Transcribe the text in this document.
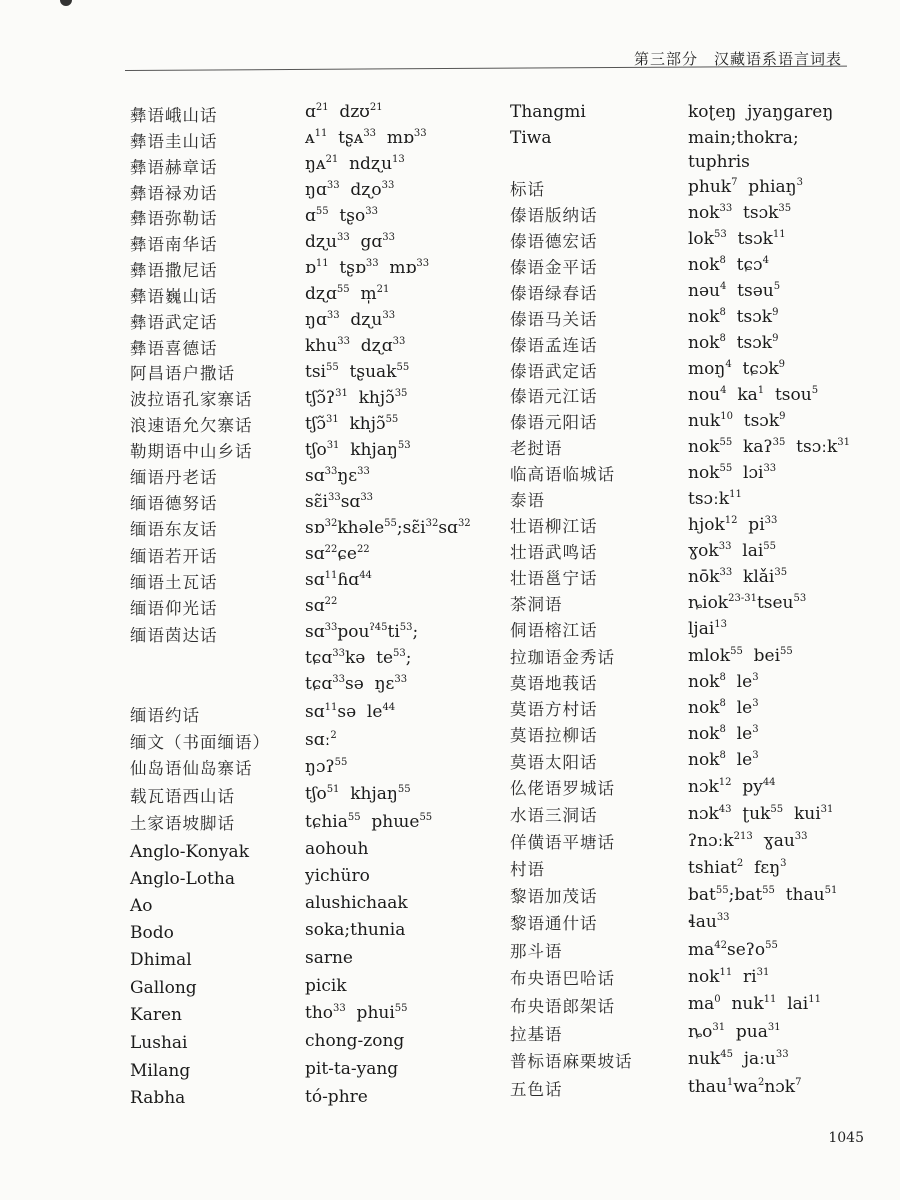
第三部分　汉藏语系语言词表
彝语峨山话
彝语圭山话
彝语赫章话
彝语禄劝话
彝语弥勒话
彝语南华话
彝语撒尼话
彝语巍山话
彝语武定话
彝语喜德话
阿昌语户撒话
波拉语孔家寨话
浪速语允欠寨话
勒期语中山乡话
缅语丹老话
缅语德努话
缅语东友话
缅语若开话
缅语土瓦话
缅语仰光话
缅语茵达话
缅语约话
缅文（书面缅语）
仙岛语仙岛寨话
载瓦语西山话
土家语坡脚话
Anglo-Konyak
Anglo-Lotha
Ao
Bodo
Dhimal
Gallong
Karen
Lushai
Milang
Rabha
ɑ$^{21}$  dzʊ$^{21}$
ᴀ$^{11}$  tʂᴀ$^{33}$  mɒ$^{33}$
ŋᴀ$^{21}$  ndʐu$^{13}$
ŋɑ$^{33}$  dʐo$^{33}$
ɑ$^{55}$  tʂo$^{33}$
dʐu$^{33}$  gɑ$^{33}$
ɒ$^{11}$  tʂɒ$^{33}$  mɒ$^{33}$
dʐɑ$^{55}$  m̩$^{21}$
ŋɑ$^{33}$  dʐu$^{33}$
khu$^{33}$  dʐɑ$^{33}$
tsi$^{55}$  tʂuak$^{55}$
tʃɔ̃ʔ$^{31}$  khjɔ̃$^{35}$
tʃɔ̃$^{31}$  khjɔ̃$^{55}$
tʃo$^{31}$  khjaŋ$^{53}$
sɑ$^{33}$ŋɛ$^{33}$
$sɛ̃i^{33}sɑ^{33}$
$sɒ^{32}khəle^{55};sɛ̃i^{32}sɑ^{32}$
sɑ$^{22}$ɕe$^{22}$
sɑ$^{11}$ɦɑ$^{44}$
sɑ$^{22}$
$sɑ^{33}pou^{ʔ45}ti^{53}$;
tɕɑ$^{33}$kə  $te^{53}$;
tɕɑ$^{33}$sə  ŋɛ$^{33}$
sɑ$^{11}$sə  $le^{44}$
sɑː$^2$
ŋɔʔ$^{55}$
tʃo$^{51}$  khjaŋ$^{55}$
tɕhia$^{55}$  phɯe$^{55}$
aohouh
yichüro
alushichaak
soka;thunia
sarne
picik
tho$^{33}$  phui$^{55}$
chong-zong
pit-ta-yang
tó-phre
Thangmi
Tiwa
标话
傣语版纳话
傣语德宏话
傣语金平话
傣语绿春话
傣语马关话
傣语孟连话
傣语武定话
傣语元江话
傣语元阳话
老挝语
临高语临城话
泰语
壮语柳江话
壮语武鸣话
壮语邕宁话
茶洞语
侗语榕江话
拉珈语金秀话
莫语地莪话
莫语方村话
莫语拉柳话
莫语太阳话
仫佬语罗城话
水语三洞话
佯僙语平塘话
村语
黎语加茂话
黎语通什话
那斗语
布央语巴哈话
布央语郎架话
拉基语
普标语麻栗坡话
五色话
koʈeŋ  jyaŋgareŋ
main;thokra;
tuphris
phuk$^7$  phiaŋ$^3$
nok$^{33}$  tsɔk$^{35}$
lok$^{53}$  tsɔk$^{11}$
nok$^8$  tɕɔ$^4$
nəu$^4$  tsəu$^5$
nok$^8$  tsɔk$^9$
nok$^8$  tsɔk$^9$
moŋ$^4$  tɕɔk$^9$
nou$^4$  $ka^1$  tsou$^5$
nuk$^{10}$  tsɔk$^9$
nok$^{55}$  kaʔ$^{35}$  tsɔːk$^{31}$
nok$^{55}$  lɔi$^{33}$
tsɔːk$^{11}$
hjok$^{12}$  $pi^{33}$
ɣok$^{33}$  lai$^{55}$
nōk$^{33}$  klǎi$^{35}$
ȵiok$^{23-31}$tseu$^{53}$
ljai$^{13}$
mlok$^{55}$  bei$^{55}$
nok$^8$  $le^3$
nok$^8$  $le^3$
nok$^8$  $le^3$
nok$^8$  $le^3$
nɔk$^{12}$  $py^{44}$
nɔk$^{43}$  ʈuk$^{55}$  kui$^{31}$
ʔnɔːk$^{213}$  ɣau$^{33}$
tshiat$^2$  fɛŋ$^3$
bat$^{55}$;bat$^{55}$  thau$^{51}$
ɬau$^{33}$
$ma^{42}seʔo^{55}$
nok$^{11}$  $ri^{31}$
$ma^0$  nuk$^{11}$  lai$^{11}$
$ȵo^{31}$  pua$^{31}$
nuk$^{45}$  jaːu$^{33}$
$thau^1wa^2nɔk^7$
1045
